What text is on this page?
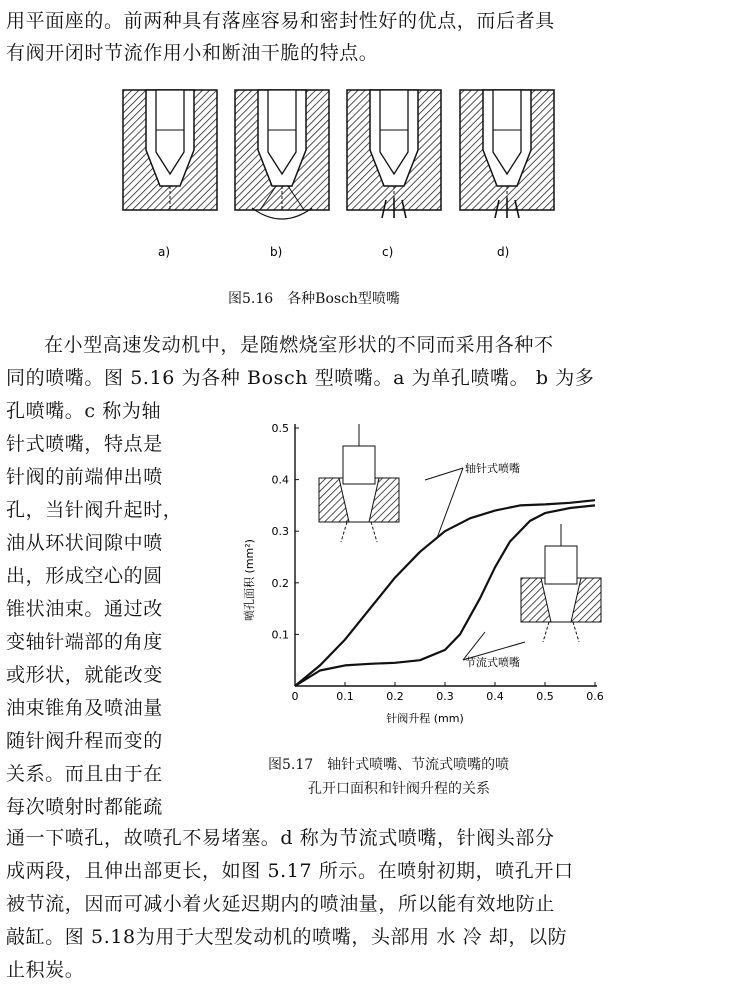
用平面座的。前两种具有落座容易和密封性好的优点，而后者具
有阀开闭时节流作用小和断油干脆的特点。
a)	b)	c)	d)
图5.16　各种Bosch型喷嘴
在小型高速发动机中，是随燃烧室形状的不同而采用各种不
同的喷嘴。图 5.16 为各种 Bosch 型喷嘴。a 为单孔喷嘴。 b 为多
孔喷嘴。c 称为轴
针式喷嘴，特点是
针阀的前端伸出喷
孔，当针阀升起时，
油从环状间隙中喷
出，形成空心的圆
锥状油束。通过改
变轴针端部的角度
或形状，就能改变
油束锥角及喷油量
随针阀升程而变的
关系。而且由于在
每次喷射时都能疏
0	0.1	0.2	0.3	0.4	0.5	0.6
0.1
0.2
0.3
0.4
0.5
喷孔面积 (mm²)
针阀升程 (mm)
轴针式喷嘴
节流式喷嘴
图5.17　轴针式喷嘴、节流式喷嘴的喷
孔开口面积和针阀升程的关系
通一下喷孔，故喷孔不易堵塞。d 称为节流式喷嘴，针阀头部分
成两段，且伸出部更长，如图 5.17 所示。在喷射初期，喷孔开口
被节流，因而可减小着火延迟期内的喷油量，所以能有效地防止
敲缸。图 5.18为用于大型发动机的喷嘴，头部用 水 冷 却，以防
止积炭。
